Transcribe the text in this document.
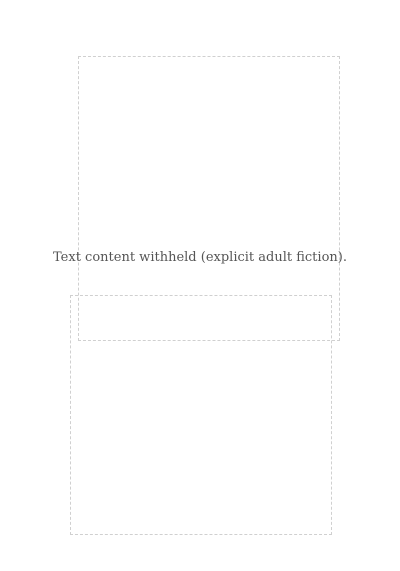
Text content withheld (explicit adult fiction).
